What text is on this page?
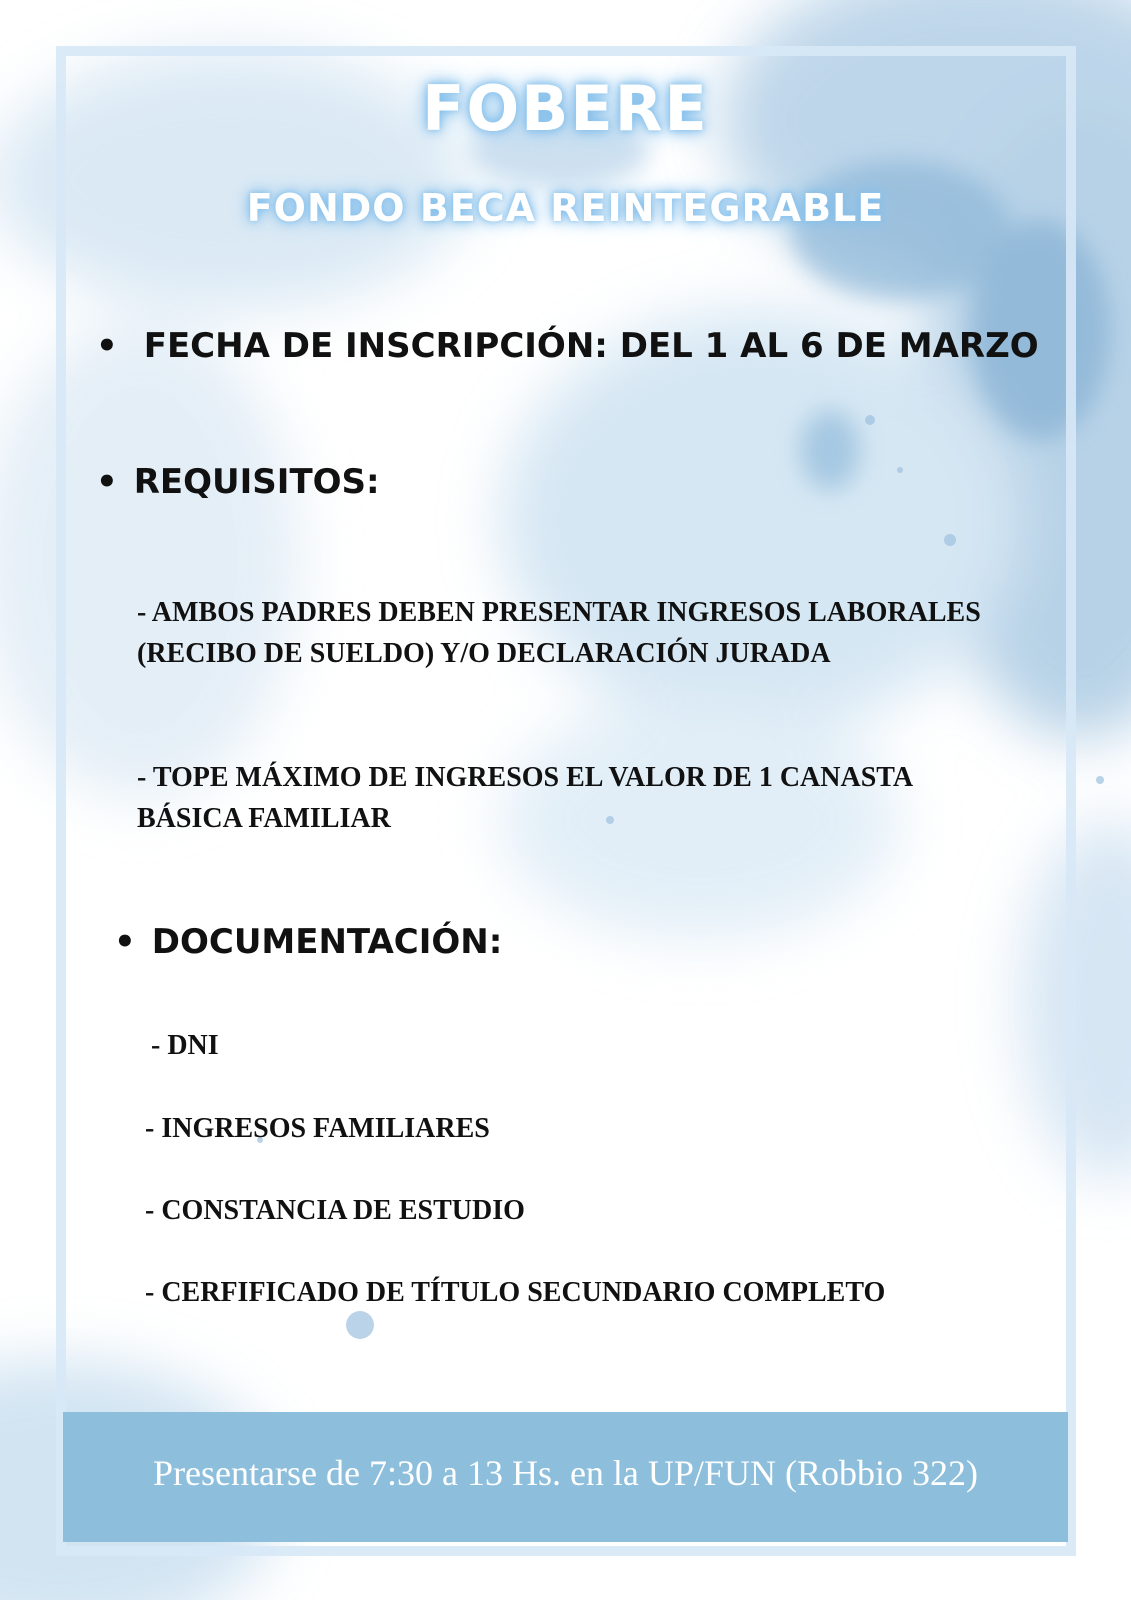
FOBERE
FONDO BECA REINTEGRABLE
• FECHA DE INSCRIPCIÓN: DEL 1 AL 6 DE MARZO
• REQUISITOS:
- AMBOS PADRES DEBEN PRESENTAR INGRESOS LABORALES (RECIBO DE SUELDO) Y/O DECLARACIÓN JURADA
- TOPE MÁXIMO DE INGRESOS EL VALOR DE 1 CANASTA BÁSICA FAMILIAR
• DOCUMENTACIÓN:
- DNI
- INGRESOS FAMILIARES
- CONSTANCIA DE ESTUDIO
- CERFIFICADO DE TÍTULO SECUNDARIO COMPLETO
Presentarse de 7:30 a 13 Hs. en la UP/FUN (Robbio 322)
